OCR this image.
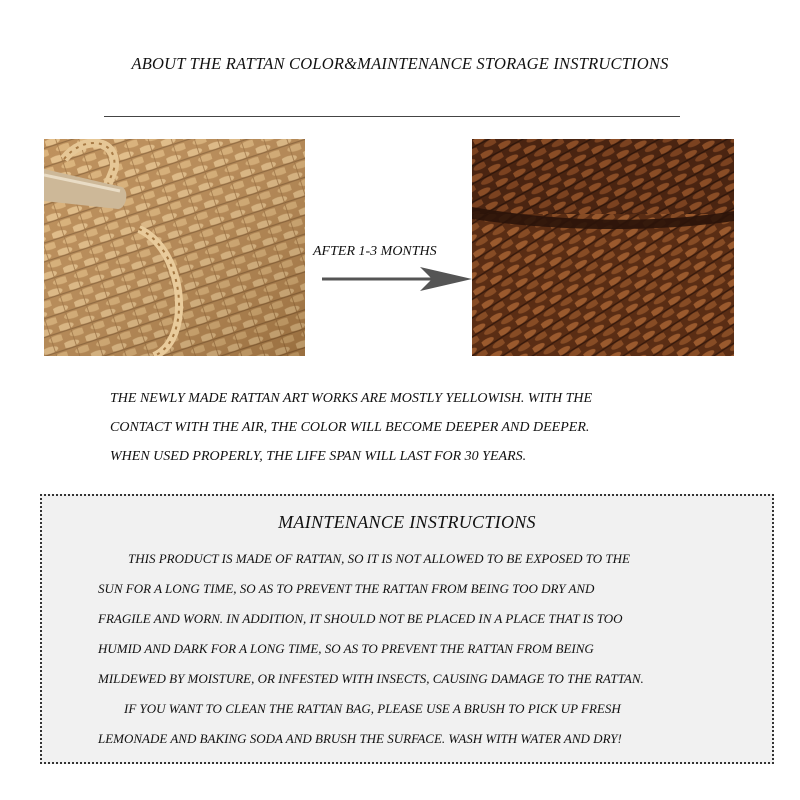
ABOUT THE RATTAN COLOR&MAINTENANCE STORAGE INSTRUCTIONS
AFTER 1-3 MONTHS

THE NEWLY MADE RATTAN ART WORKS ARE MOSTLY YELLOWISH. WITH THE

CONTACT WITH THE AIR, THE COLOR WILL BECOME DEEPER AND DEEPER.

WHEN USED PROPERLY, THE LIFE SPAN WILL LAST FOR 30 YEARS.

MAINTENANCE INSTRUCTIONS

THIS PRODUCT IS MADE OF RATTAN, SO IT IS NOT ALLOWED TO BE EXPOSED TO THE

SUN FOR A LONG TIME, SO AS TO PREVENT THE RATTAN FROM BEING TOO DRY AND

FRAGILE AND WORN. IN ADDITION, IT SHOULD NOT BE PLACED IN A PLACE THAT IS TOO

HUMID AND DARK FOR A LONG TIME, SO AS TO PREVENT THE RATTAN FROM BEING

MILDEWED BY MOISTURE, OR INFESTED WITH INSECTS, CAUSING DAMAGE TO THE RATTAN.

IF YOU WANT TO CLEAN THE RATTAN BAG, PLEASE USE A BRUSH TO PICK UP FRESH

LEMONADE AND BAKING SODA AND BRUSH THE SURFACE. WASH WITH WATER AND DRY!
